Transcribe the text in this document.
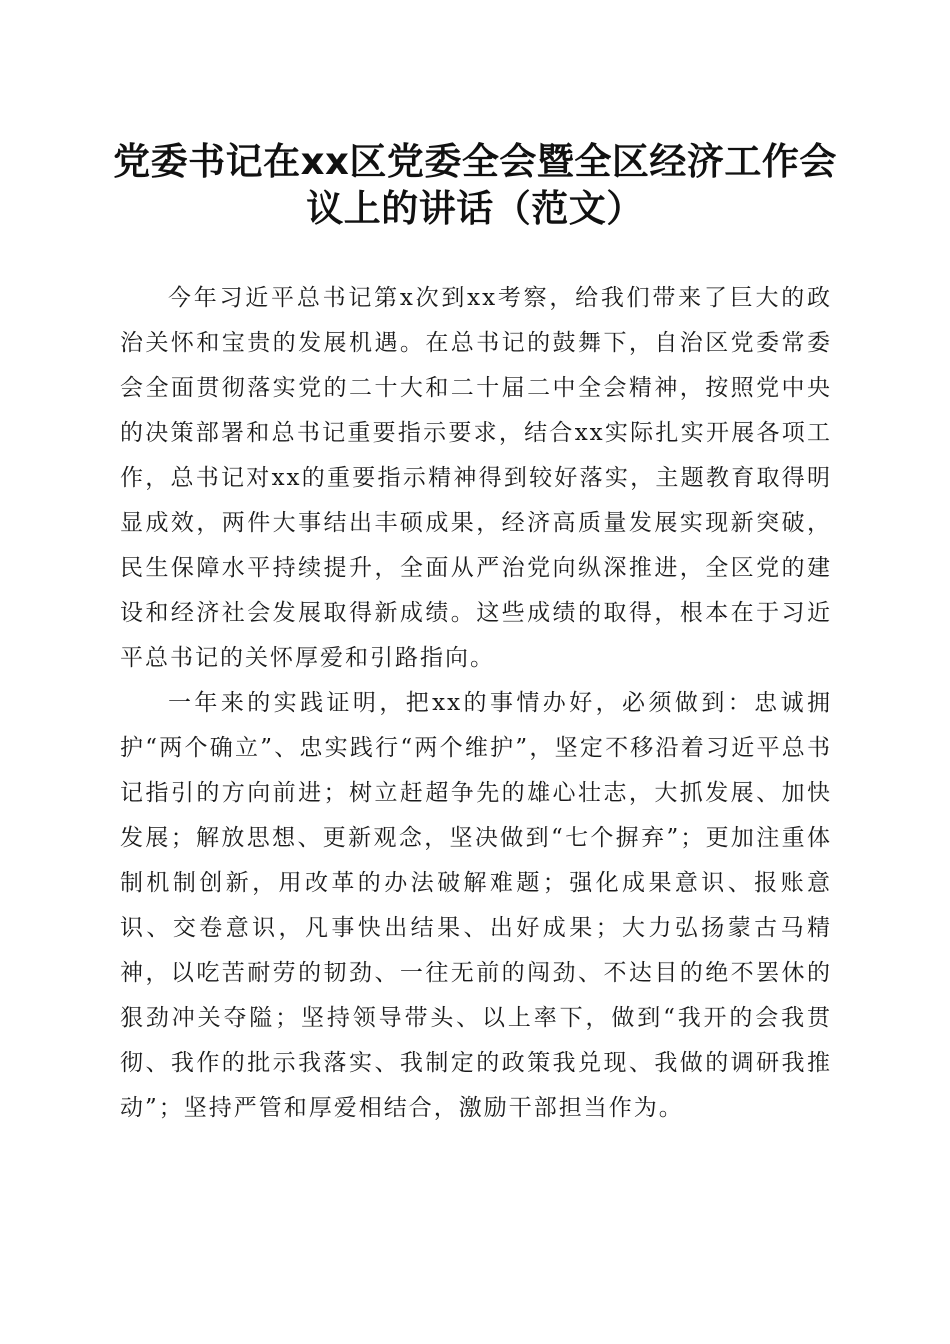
党委书记在xx区党委全会暨全区经济工作会
议上的讲话（范文）

今年习近平总书记第x次到xx考察，给我们带来了巨大的政治关怀和宝贵的发展机遇。在总书记的鼓舞下，自治区党委常委会全面贯彻落实党的二十大和二十届二中全会精神，按照党中央的决策部署和总书记重要指示要求，结合xx实际扎实开展各项工作，总书记对xx的重要指示精神得到较好落实，主题教育取得明显成效，两件大事结出丰硕成果，经济高质量发展实现新突破，民生保障水平持续提升，全面从严治党向纵深推进，全区党的建设和经济社会发展取得新成绩。这些成绩的取得，根本在于习近平总书记的关怀厚爱和引路指向。

一年来的实践证明，把xx的事情办好，必须做到：忠诚拥护“两个确立”、忠实践行“两个维护”，坚定不移沿着习近平总书记指引的方向前进；树立赶超争先的雄心壮志，大抓发展、加快发展；解放思想、更新观念，坚决做到“七个摒弃”；更加注重体制机制创新，用改革的办法破解难题；强化成果意识、报账意识、交卷意识，凡事快出结果、出好成果；大力弘扬蒙古马精神，以吃苦耐劳的韧劲、一往无前的闯劲、不达目的绝不罢休的狠劲冲关夺隘；坚持领导带头、以上率下，做到“我开的会我贯彻、我作的批示我落实、我制定的政策我兑现、我做的调研我推动”；坚持严管和厚爱相结合，激励干部担当作为。
